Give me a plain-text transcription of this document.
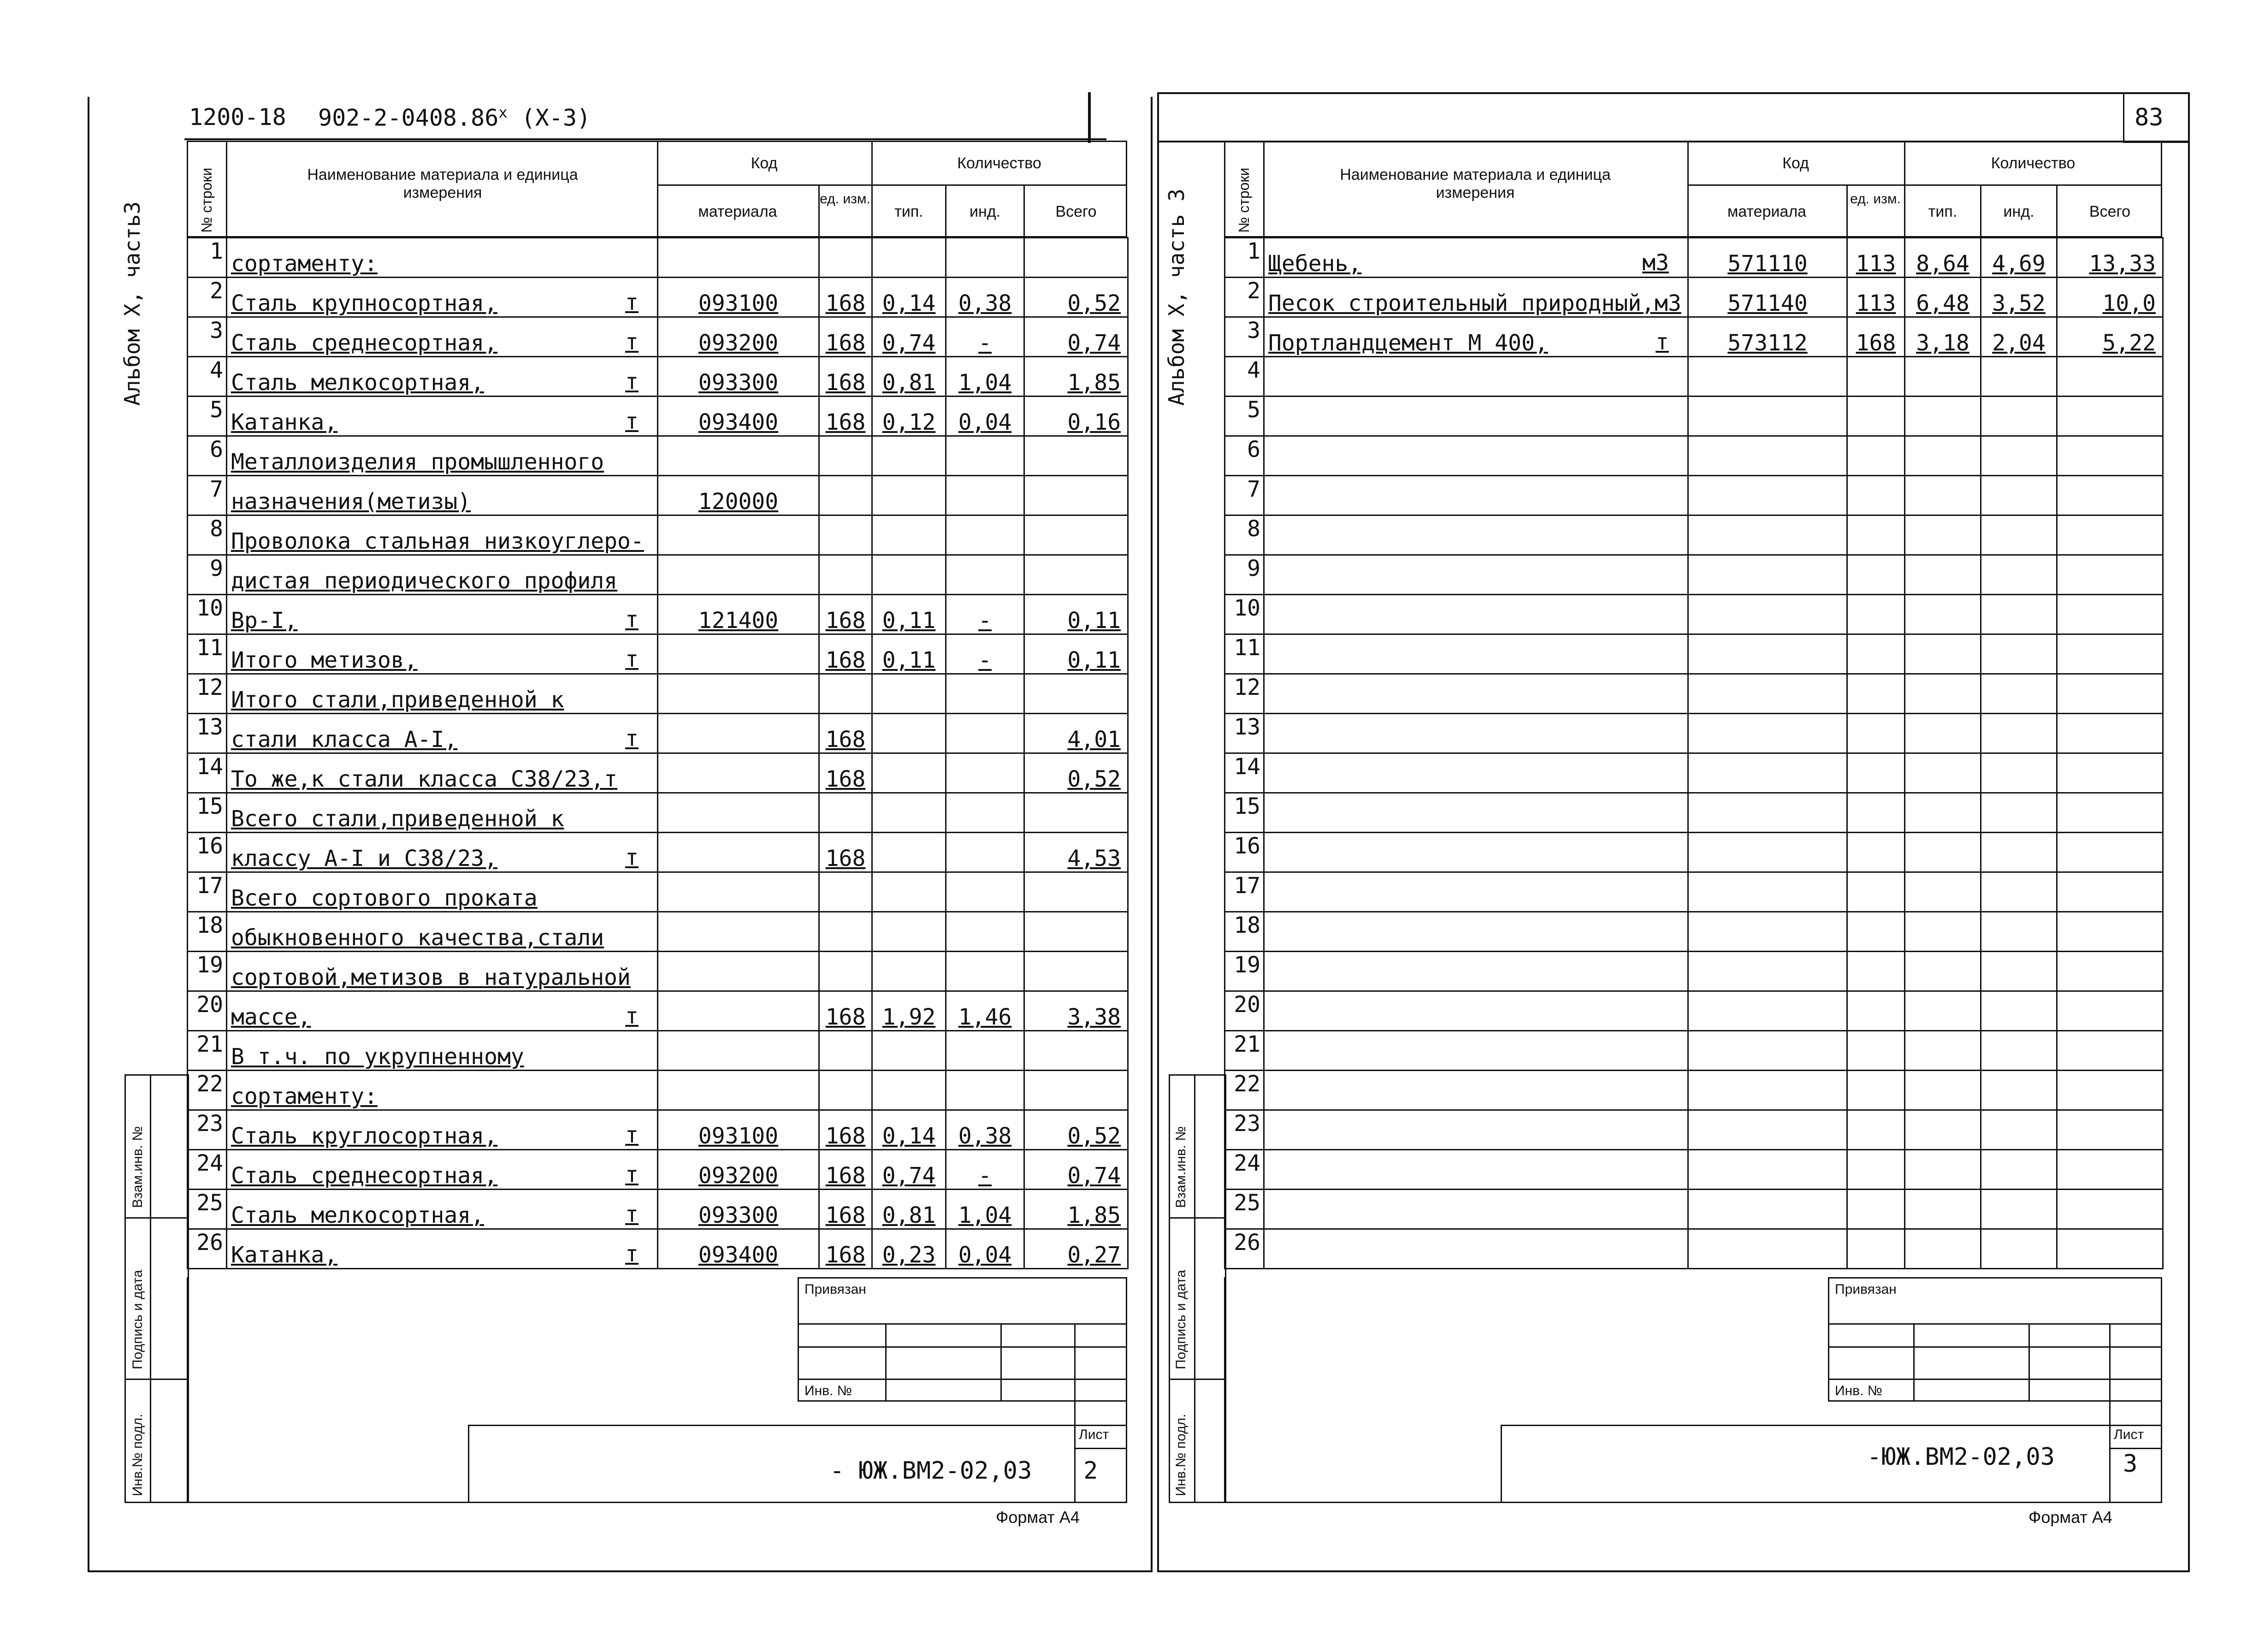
1200-18 902-2-0408.86$^x$ (X-3)
Альбом X, часть3
№ строки	Наименование материала и единица измерения
Код
материала
ед. изм.
Количество
тип.	инд.	Всего
1	сортаменту:

2	Сталь крупносортная, т	093100	168	0,14	0,38	0,52
3	Сталь среднесортная, т	093200	168	0,74	-	0,74
4	Сталь мелкосортная, т	093300	168	0,81	1,04	1,85
5	Катанка, т	093400	168	0,12	0,04	0,16
6	Металлоизделия промышленного

7	назначения(метизы)	120000				
8	Проволока стальная низкоуглеро-

9	дистая периодического профиля

10	Вр-I, т	121400	168	0,11	-	0,11
11	Итого метизов, т		168	0,11	-	0,11
12	Итого стали,приведенной к

13	стали класса А-I, т		168			4,01
14	То же,к стали класса С38/23,т		168			0,52
15	Всего стали,приведенной к

16	классу А-I и С38/23, т		168			4,53
17	Всего сортового проката

18	обыкновенного качества,стали

19	сортовой,метизов в натуральной

20	массе, т		168	1,92	1,46	3,38
21	В т.ч. по укрупненному

22	сортаменту:

23	Сталь круглосортная, т	093100	168	0,14	0,38	0,52
24	Сталь среднесортная, т	093200	168	0,74	-	0,74
25	Сталь мелкосортная, т	093300	168	0,81	1,04	1,85
26	Катанка, т	093400	168	0,23	0,04	0,27
Взам.инв. №
Подпись и дата
Инв.№ подл.
Привязан
Инв. №
Лист
- ЮЖ.ВМ2-02,03 2
Формат А4
83
Альбом X, часть 3	№ строки	Наименование материала и единица измерения
Код
материала
ед. изм.
Количество
тип.	инд.	Всего
1	Щебень, м3	571110	113	8,64	4,69	13,33
2	Песок строительный природный,м3	571140	113	6,48	3,52	10,0
3	Портландцемент М 400, т	573112	168	3,18	2,04	5,22
4	

5	

6	

7	

8	

9	

10	

11	

12	

13	

14	

15	

16	

17	

18	

19	

20	

21	

22	

23	

24	

25	

26	

Взам.инв. №
Подпись и дата
Инв.№ подл.
Привязан
Инв. №
Лист
-ЮЖ.ВМ2-02,03	3
Формат А4
